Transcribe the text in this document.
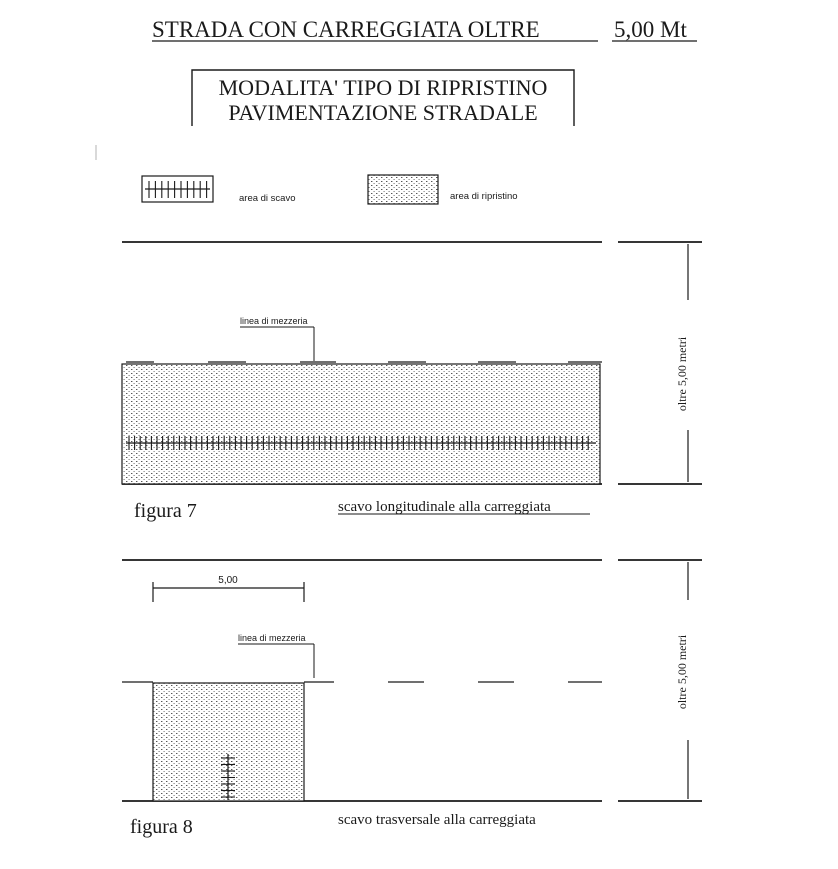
STRADA CON CARREGGIATA OLTRE	5,00 Mt
MODALITA' TIPO DI RIPRISTINO
PAVIMENTAZIONE STRADALE
area di scavo	area di ripristino
linea di mezzeria
figura 7	scavo longitudinale alla carreggiata
oltre 5,00 metri
5,00
linea di mezzeria
figura 8	scavo trasversale alla carreggiata
oltre 5,00 metri
